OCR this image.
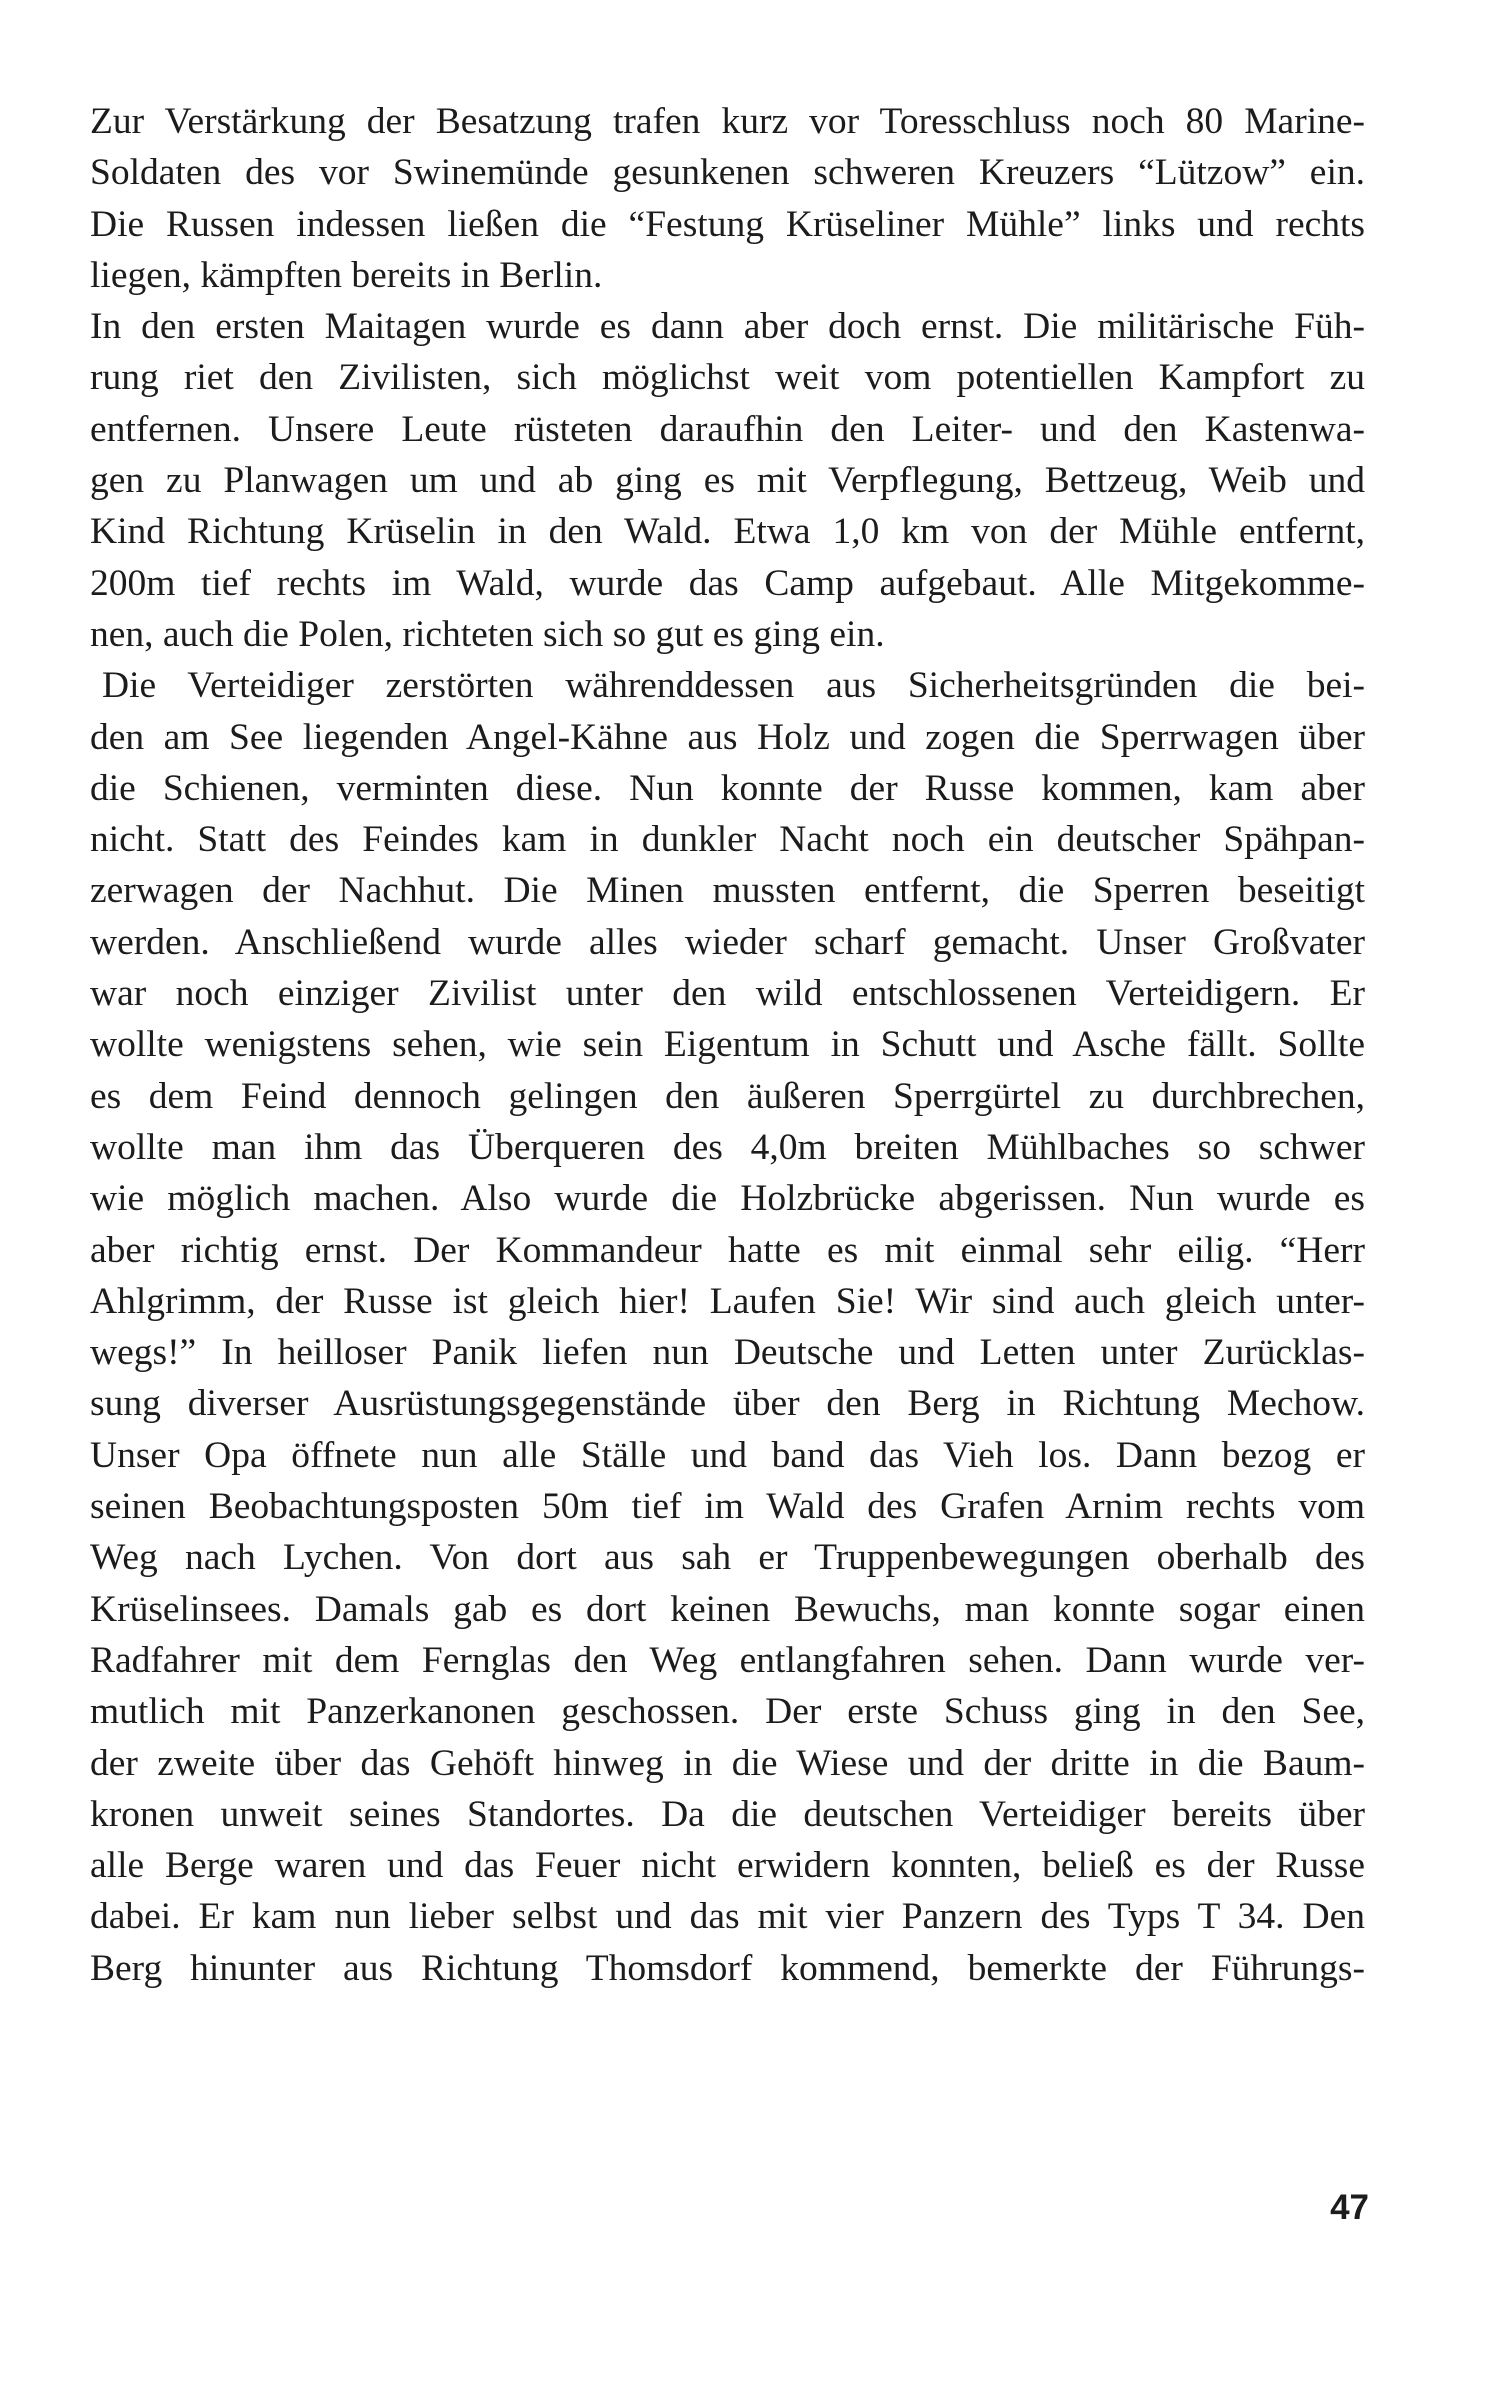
Zur Verstärkung der Besatzung trafen kurz vor Toresschluss noch 80 Marine-
Soldaten des vor Swinemünde gesunkenen schweren Kreuzers “Lützow” ein.
Die Russen indessen ließen die “Festung Krüseliner Mühle” links und rechts
liegen, kämpften bereits in Berlin.
In den ersten Maitagen wurde es dann aber doch ernst. Die militärische Füh-
rung riet den Zivilisten, sich möglichst weit vom potentiellen Kampfort zu
entfernen. Unsere Leute rüsteten daraufhin den Leiter- und den Kastenwa-
gen zu Planwagen um und ab ging es mit Verpflegung, Bettzeug, Weib und
Kind Richtung Krüselin in den Wald. Etwa 1,0 km von der Mühle entfernt,
200m tief rechts im Wald, wurde das Camp aufgebaut. Alle Mitgekomme-
nen, auch die Polen, richteten sich so gut es ging ein.
Die Verteidiger zerstörten währenddessen aus Sicherheitsgründen die bei-
den am See liegenden Angel-Kähne aus Holz und zogen die Sperrwagen über
die Schienen, verminten diese. Nun konnte der Russe kommen, kam aber
nicht. Statt des Feindes kam in dunkler Nacht noch ein deutscher Spähpan-
zerwagen der Nachhut. Die Minen mussten entfernt, die Sperren beseitigt
werden. Anschließend wurde alles wieder scharf gemacht. Unser Großvater
war noch einziger Zivilist unter den wild entschlossenen Verteidigern. Er
wollte wenigstens sehen, wie sein Eigentum in Schutt und Asche fällt. Sollte
es dem Feind dennoch gelingen den äußeren Sperrgürtel zu durchbrechen,
wollte man ihm das Überqueren des 4,0m breiten Mühlbaches so schwer
wie möglich machen. Also wurde die Holzbrücke abgerissen. Nun wurde es
aber richtig ernst. Der Kommandeur hatte es mit einmal sehr eilig. “Herr
Ahlgrimm, der Russe ist gleich hier! Laufen Sie! Wir sind auch gleich unter-
wegs!” In heilloser Panik liefen nun Deutsche und Letten unter Zurücklas-
sung diverser Ausrüstungsgegenstände über den Berg in Richtung Mechow.
Unser Opa öffnete nun alle Ställe und band das Vieh los. Dann bezog er
seinen Beobachtungsposten 50m tief im Wald des Grafen Arnim rechts vom
Weg nach Lychen. Von dort aus sah er Truppenbewegungen oberhalb des
Krüselinsees. Damals gab es dort keinen Bewuchs, man konnte sogar einen
Radfahrer mit dem Fernglas den Weg entlangfahren sehen. Dann wurde ver-
mutlich mit Panzerkanonen geschossen. Der erste Schuss ging in den See,
der zweite über das Gehöft hinweg in die Wiese und der dritte in die Baum-
kronen unweit seines Standortes. Da die deutschen Verteidiger bereits über
alle Berge waren und das Feuer nicht erwidern konnten, beließ es der Russe
dabei. Er kam nun lieber selbst und das mit vier Panzern des Typs T 34. Den
Berg hinunter aus Richtung Thomsdorf kommend, bemerkte der Führungs-
47
